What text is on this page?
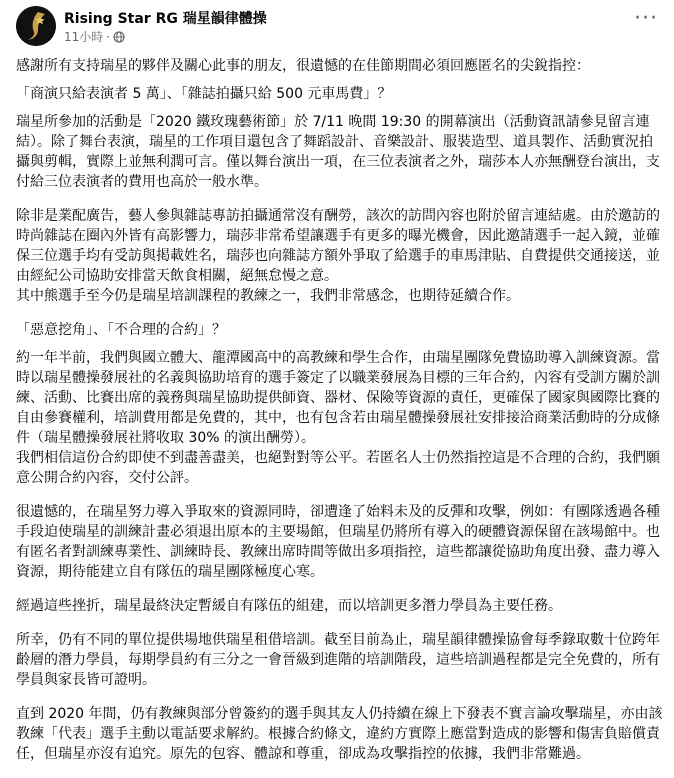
Rising Star RG 瑞星韻律體操
11小時 ·
···

感謝所有支持瑞星的夥伴及關心此事的朋友，很遺憾的在佳節期間必須回應匿名的尖銳指控：

「商演只給表演者 5 萬」、「雜誌拍攝只給 500 元車馬費」？

瑞星所參加的活動是「2020 鐵玫瑰藝術節」於 7/11 晚間 19:30 的開幕演出（活動資訊請參見留言連結）。除了舞台表演，瑞星的工作項目還包含了舞蹈設計、音樂設計、服裝造型、道具製作、活動實況拍攝與剪輯，實際上並無利潤可言。僅以舞台演出一項，在三位表演者之外，瑞莎本人亦無酬登台演出，支付給三位表演者的費用也高於一般水準。

除非是業配廣告，藝人參與雜誌專訪拍攝通常沒有酬勞，該次的訪問內容也附於留言連結處。由於邀訪的時尚雜誌在圈內外皆有高影響力，瑞莎非常希望讓選手有更多的曝光機會，因此邀請選手一起入鏡，並確保三位選手均有受訪與掲載姓名，瑞莎也向雜誌方額外爭取了給選手的車馬津貼、自費提供交通接送，並由經紀公司協助安排當天飲食相關，絕無怠慢之意。
其中熊選手至今仍是瑞星培訓課程的教練之一，我們非常感念，也期待延續合作。

「惡意挖角」、「不合理的合約」？

約一年半前，我們與國立體大、龍潭國高中的高教練和學生合作，由瑞星團隊免費協助導入訓練資源。當時以瑞星體操發展社的名義與協助培育的選手簽定了以職業發展為目標的三年合約，內容有受訓方關於訓練、活動、比賽出席的義務與瑞星協助提供師資、器材、保險等資源的責任，更確保了國家與國際比賽的自由參賽權利，培訓費用都是免費的，其中，也有包含若由瑞星體操發展社安排接洽商業活動時的分成條件（瑞星體操發展社將收取 30% 的演出酬勞）。
我們相信這份合約即使不到盡善盡美，也絕對對等公平。若匿名人士仍然指控這是不合理的合約，我們願意公開合約內容，交付公評。

很遺憾的，在瑞星努力導入爭取來的資源同時，卻遭逢了始料未及的反彈和攻擊，例如：有團隊透過各種手段迫使瑞星的訓練計畫必須退出原本的主要場館，但瑞星仍將所有導入的硬體資源保留在該場館中。也有匿名者對訓練專業性、訓練時長、教練出席時間等做出多項指控，這些都讓從協助角度出發、盡力導入資源，期待能建立自有隊伍的瑞星團隊極度心寒。

經過這些挫折，瑞星最終決定暫緩自有隊伍的組建，而以培訓更多潛力學員為主要任務。

所幸，仍有不同的單位提供場地供瑞星租借培訓。截至目前為止，瑞星韻律體操協會每季錄取數十位跨年齡層的潛力學員，每期學員約有三分之一會晉級到進階的培訓階段，這些培訓過程都是完全免費的，所有學員與家長皆可證明。

直到 2020 年間，仍有教練與部分曾簽約的選手與其友人仍持續在線上下發表不實言論攻擊瑞星，亦由該教練「代表」選手主動以電話要求解約。根據合約條文，違約方實際上應當對造成的影響和傷害負賠償責任，但瑞星亦沒有追究。原先的包容、體諒和尊重，卻成為攻擊指控的依據，我們非常難過。
